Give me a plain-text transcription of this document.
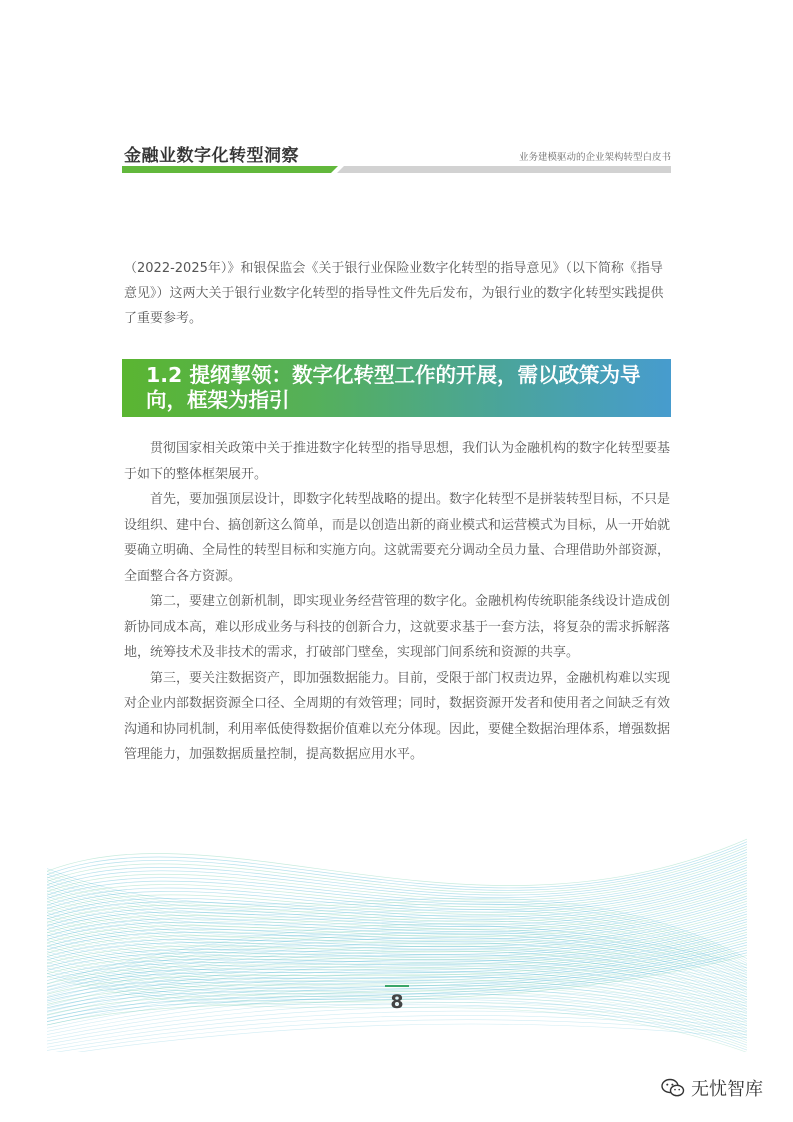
金融业数字化转型洞察	业务建模驱动的企业架构转型白皮书
（2022-2025年）》和银保监会《关于银行业保险业数字化转型的指导意见》（以下简称《指导意见》）这两大关于银行业数字化转型的指导性文件先后发布，为银行业的数字化转型实践提供了重要参考。
1.2 提纲挈领：数字化转型工作的开展，需以政策为导向，框架为指引

贯彻国家相关政策中关于推进数字化转型的指导思想，我们认为金融机构的数字化转型要基于如下的整体框架展开。

首先，要加强顶层设计，即数字化转型战略的提出。数字化转型不是拼装转型目标，不只是设组织、建中台、搞创新这么简单，而是以创造出新的商业模式和运营模式为目标，从一开始就要确立明确、全局性的转型目标和实施方向。这就需要充分调动全员力量、合理借助外部资源，全面整合各方资源。

第二，要建立创新机制，即实现业务经营管理的数字化。金融机构传统职能条线设计造成创新协同成本高，难以形成业务与科技的创新合力，这就要求基于一套方法，将复杂的需求拆解落地，统筹技术及非技术的需求，打破部门壁垒，实现部门间系统和资源的共享。

第三，要关注数据资产，即加强数据能力。目前，受限于部门权责边界，金融机构难以实现对企业内部数据资源全口径、全周期的有效管理；同时，数据资源开发者和使用者之间缺乏有效沟通和协同机制，利用率低使得数据价值难以充分体现。因此，要健全数据治理体系，增强数据管理能力，加强数据质量控制，提高数据应用水平。

8
无忧智库
